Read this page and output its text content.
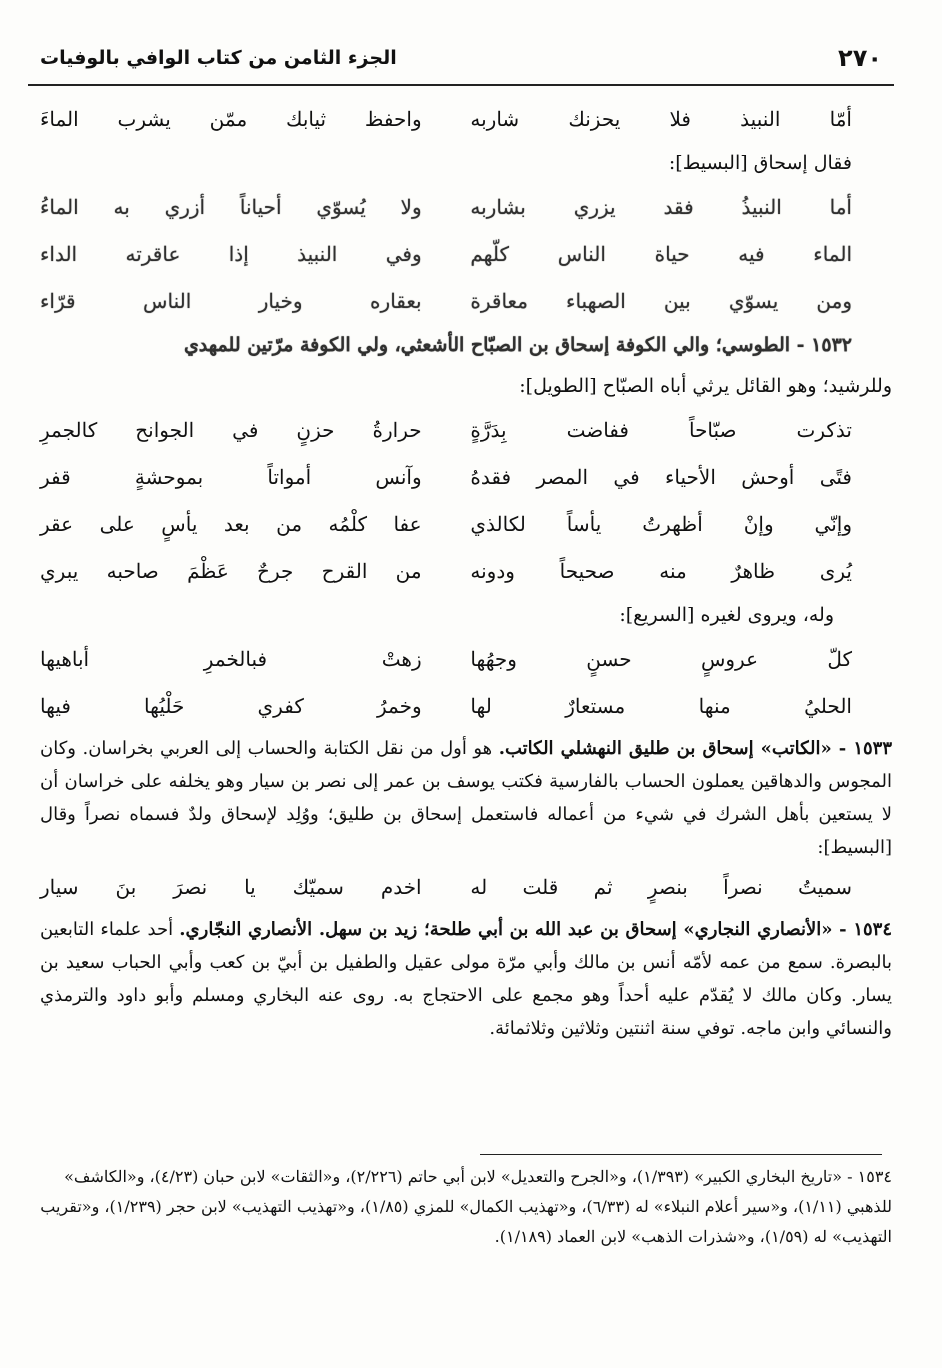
الجزء الثامن من كتاب الوافي بالوفيات	٢٧٠
أمّا النبيذ فلا يحزنك شاربه
واحفظ ثيابك ممّن يشرب الماءَ
فقال إسحاق [البسيط]:
أما النبيذُ فقد يزري بشاربه
ولا يُسوّي أحياناً أزري به الماءُ
الماء فيه حياة الناس كلّهم
وفي النبيذ إذا عاقرته الداء
ومن يسوّي بين الصهباء معاقرة
بعقاره وخيار الناس قرّاء
١٥٣٢ - الطوسي؛ والي الكوفة إسحاق بن الصبّاح الأشعثي، ولي الكوفة مرّتين للمهدي
وللرشيد؛ وهو القائل يرثي أباه الصبّاح [الطويل]:
تذكرت صبّاحاً ففاضت بِدَرَّةٍ
حرارةُ حزنٍ في الجوانح كالجمرِ
فتًى أوحش الأحياء في المصر فقدهُ
وآنس أمواتاً بموحشةٍ قفر
وإنّي وإنْ أظهرتُ يأساً لكالذي
عفا كلْمُه من بعد يأسٍ على عقر
يُرى ظاهرٌ منه صحيحاً ودونه
من القرح جرحٌ عَظْمَ صاحبه يبري
وله، ويروى لغيره [السريع]:
كلّ عروسٍ حسنٍ وجهُها
زهتْ فبالخمرِ أباهيها
الحليُ منها مستعارٌ لها
وخمرُ كفري حَلْيُها فيها
١٥٣٣ - «الكاتب» إسحاق بن طليق النهشلي الكاتب. هو أول من نقل الكتابة والحساب إلى العربي بخراسان. وكان المجوس والدهاقين يعملون الحساب بالفارسية فكتب يوسف بن عمر إلى نصر بن سيار وهو يخلفه على خراسان أن لا يستعين بأهل الشرك في شيء من أعماله فاستعمل إسحاق بن طليق؛ ووُلِد لإسحاق ولدٌ فسماه نصراً وقال [البسيط]:
سميتُ نصراً بنصرٍ ثم قلت له
اخدم سميّك يا نصرَ بنَ سيار
١٥٣٤ - «الأنصاري النجاري» إسحاق بن عبد الله بن أبي طلحة؛ زيد بن سهل. الأنصاري النجّاري. أحد علماء التابعين بالبصرة. سمع من عمه لأمّه أنس بن مالك وأبي مرّة مولى عقيل والطفيل بن أبيّ بن كعب وأبي الحباب سعيد بن يسار. وكان مالك لا يُقدّم عليه أحداً وهو مجمع على الاحتجاج به. روى عنه البخاري ومسلم وأبو داود والترمذي والنسائي وابن ماجه. توفي سنة اثنتين وثلاثين وثلاثمائة.
١٥٣٤ - «تاريخ البخاري الكبير» (١/٣٩٣)، و«الجرح والتعديل» لابن أبي حاتم (٢/٢٢٦)، و«الثقات» لابن حبان (٤/٢٣)، و«الكاشف» للذهبي (١/١١)، و«سير أعلام النبلاء» له (٦/٣٣)، و«تهذيب الكمال» للمزي (١/٨٥)، و«تهذيب التهذيب» لابن حجر (١/٢٣٩)، و«تقريب التهذيب» له (١/٥٩)، و«شذرات الذهب» لابن العماد (١/١٨٩).
